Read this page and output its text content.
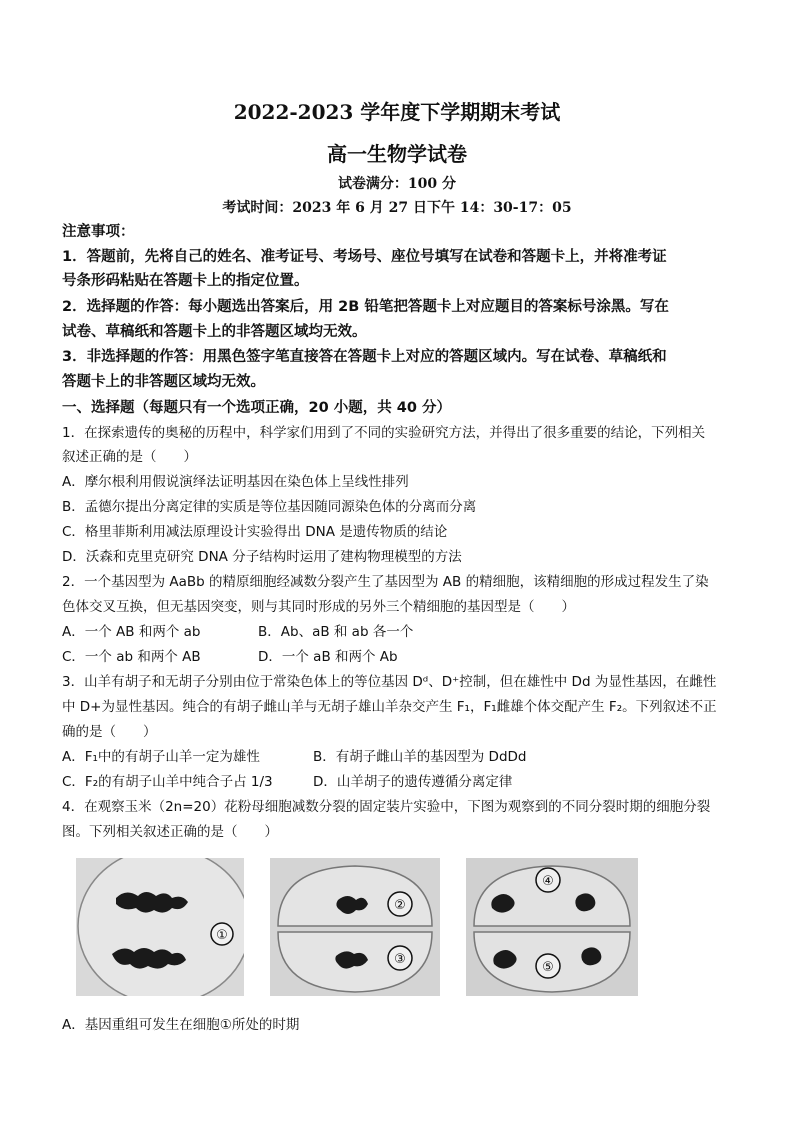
2022-2023 学年度下学期期末考试
高一生物学试卷
试卷满分：100 分
考试时间：2023 年 6 月 27 日下午 14：30-17：05
注意事项：
1．答题前，先将自己的姓名、准考证号、考场号、座位号填写在试卷和答题卡上，并将准考证
号条形码粘贴在答题卡上的指定位置。
2．选择题的作答：每小题选出答案后，用 2B 铅笔把答题卡上对应题目的答案标号涂黑。写在
试卷、草稿纸和答题卡上的非答题区域均无效。
3．非选择题的作答：用黑色签字笔直接答在答题卡上对应的答题区域内。写在试卷、草稿纸和
答题卡上的非答题区域均无效。
一、选择题（每题只有一个选项正确，20 小题，共 40 分）
1．在探索遗传的奥秘的历程中，科学家们用到了不同的实验研究方法，并得出了很多重要的结论，下列相关
叙述正确的是（　　）
A．摩尔根利用假说演绎法证明基因在染色体上呈线性排列
B．孟德尔提出分离定律的实质是等位基因随同源染色体的分离而分离
C．格里菲斯利用减法原理设计实验得出 DNA 是遗传物质的结论
D．沃森和克里克研究 DNA 分子结构时运用了建构物理模型的方法
2．一个基因型为 AaBb 的精原细胞经减数分裂产生了基因型为 AB 的精细胞，该精细胞的形成过程发生了染
色体交叉互换，但无基因突变，则与其同时形成的另外三个精细胞的基因型是（　　）
A．一个 AB 和两个 ab	B．Ab、aB 和 ab 各一个
C．一个 ab 和两个 AB	D．一个 aB 和两个 Ab
3．山羊有胡子和无胡子分别由位于常染色体上的等位基因 Dᵈ、D⁺控制，但在雄性中 Dd 为显性基因，在雌性
中 D+为显性基因。纯合的有胡子雌山羊与无胡子雄山羊杂交产生 F₁，F₁雌雄个体交配产生 F₂。下列叙述不正
确的是（　　）
A．F₁中的有胡子山羊一定为雄性	B．有胡子雌山羊的基因型为 DdDd
C．F₂的有胡子山羊中纯合子占 1/3	D．山羊胡子的遗传遵循分离定律
4．在观察玉米（2n=20）花粉母细胞减数分裂的固定装片实验中，下图为观察到的不同分裂时期的细胞分裂
图。下列相关叙述正确的是（　　）
①
②
③
④
⑤
A．基因重组可发生在细胞①所处的时期
